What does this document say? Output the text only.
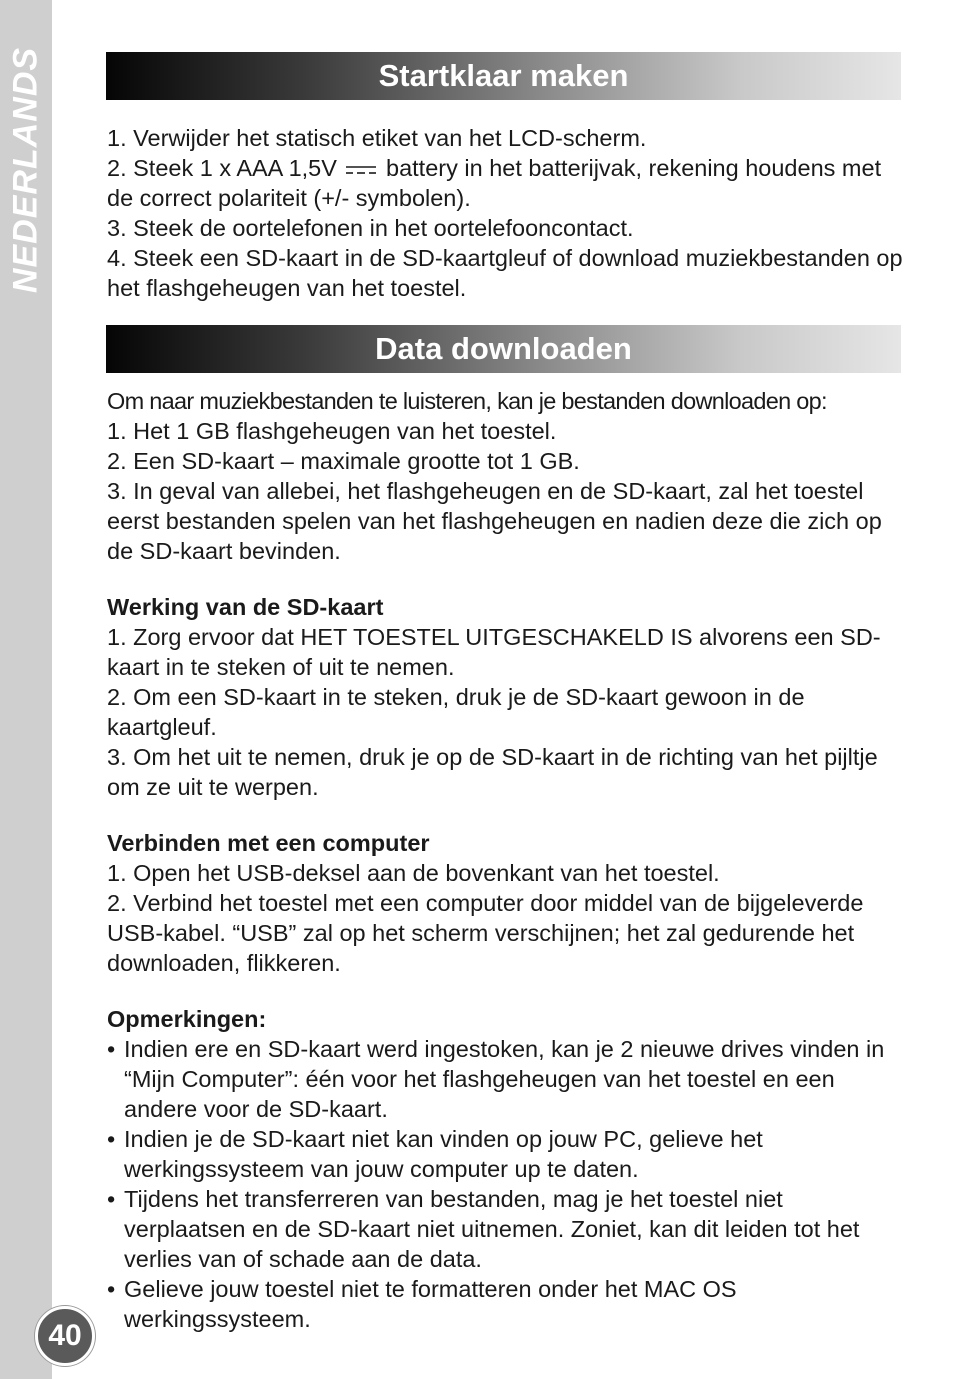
NEDERLANDS
40
Startklaar maken

1. Verwijder het statisch etiket van het LCD-scherm.

2. Steek 1 x AAA 1,5V battery in het batterijvak, rekening houdens met de correct polariteit (+/- symbolen).

3. Steek de oortelefonen in het oortelefooncontact.

4. Steek een SD-kaart in de SD-kaartgleuf of download muziekbestanden op het flashgeheugen van het toestel.

Data downloaden

Om naar muziekbestanden te luisteren, kan je bestanden downloaden op:

1. Het 1 GB flashgeheugen van het toestel.

2. Een SD-kaart – maximale grootte tot 1 GB.

3. In geval van allebei, het flashgeheugen en de SD-kaart, zal het toestel eerst bestanden spelen van het flashgeheugen en nadien deze die zich op de SD-kaart bevinden.

Werking van de SD-kaart

1. Zorg ervoor dat HET TOESTEL UITGESCHAKELD IS alvorens een SD-kaart in te steken of uit te nemen.

2. Om een SD-kaart in te steken, druk je de SD-kaart gewoon in de kaartgleuf.

3. Om het uit te nemen, druk je op de SD-kaart in de richting van het pijltje om ze uit te werpen.

Verbinden met een computer

1. Open het USB-deksel aan de bovenkant van het toestel.

2. Verbind het toestel met een computer door middel van de bijgeleverde USB-kabel. “USB” zal op het scherm verschijnen; het zal gedurende het downloaden, flikkeren.

Opmerkingen:

• Indien ere en SD-kaart werd ingestoken, kan je 2 nieuwe drives vinden in “Mijn Computer”: één voor het flashgeheugen van het toestel en een andere voor de SD-kaart.

• Indien je de SD-kaart niet kan vinden op jouw PC, gelieve het werkingssysteem van jouw computer up te daten.

• Tijdens het transferreren van bestanden, mag je het toestel niet verplaatsen en de SD-kaart niet uitnemen. Zoniet, kan dit leiden tot het verlies van of schade aan de data.

• Gelieve jouw toestel niet te formatteren onder het MAC OS werkingssysteem.
